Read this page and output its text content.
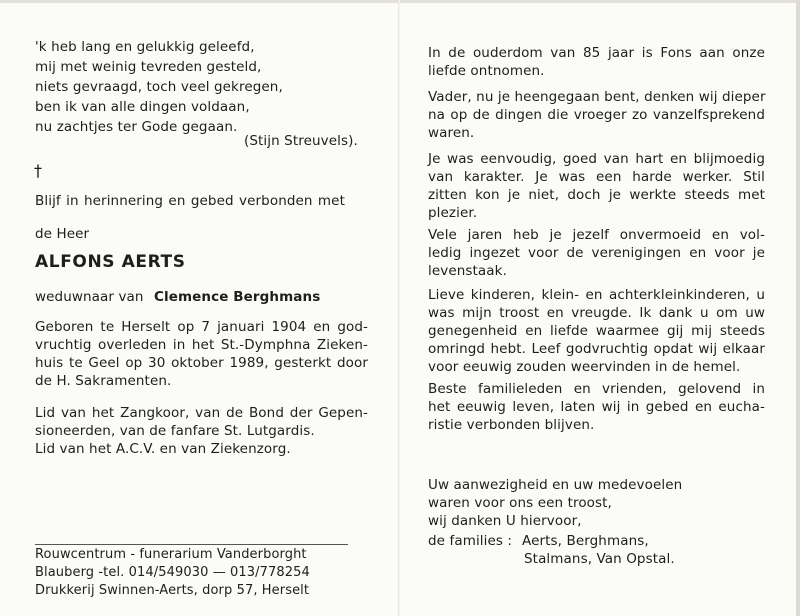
'k heb lang en gelukkig geleefd,
mij met weinig tevreden gesteld,
niets gevraagd, toch veel gekregen,
ben ik van alle dingen voldaan,
nu zachtjes ter Gode gegaan.
(Stijn Streuvels).
†
Blijf in herinnering en gebed verbonden met
de Heer
ALFONS AERTS
weduwnaar van Clemence Berghmans
Geboren te Herselt op 7 januari 1904 en god-
vruchtig overleden in het St.-Dymphna Zieken-
huis te Geel op 30 oktober 1989, gesterkt door
de H. Sakramenten.
Lid van het Zangkoor, van de Bond der Gepen-
sioneerden, van de fanfare St. Lutgardis.
Lid van het A.C.V. en van Ziekenzorg.
Rouwcentrum - funerarium Vanderborght
Blauberg -tel. 014/549030 — 013/778254
Drukkerij Swinnen-Aerts, dorp 57, Herselt
In de ouderdom van 85 jaar is Fons aan onze
liefde ontnomen.
Vader, nu je heengegaan bent, denken wij dieper
na op de dingen die vroeger zo vanzelfsprekend
waren.
Je was eenvoudig, goed van hart en blijmoedig
van karakter. Je was een harde werker. Stil
zitten kon je niet, doch je werkte steeds met
plezier.
Vele jaren heb je jezelf onvermoeid en vol-
ledig ingezet voor de verenigingen en voor je
levenstaak.
Lieve kinderen, klein- en achterkleinkinderen, u
was mijn troost en vreugde. Ik dank u om uw
genegenheid en liefde waarmee gij mij steeds
omringd hebt. Leef godvruchtig opdat wij elkaar
voor eeuwig zouden weervinden in de hemel.
Beste familieleden en vrienden, gelovend in
het eeuwig leven, laten wij in gebed en eucha-
ristie verbonden blijven.
Uw aanwezigheid en uw medevoelen
waren voor ons een troost,
wij danken U hiervoor,
de families : Aerts, Berghmans,
Stalmans, Van Opstal.
